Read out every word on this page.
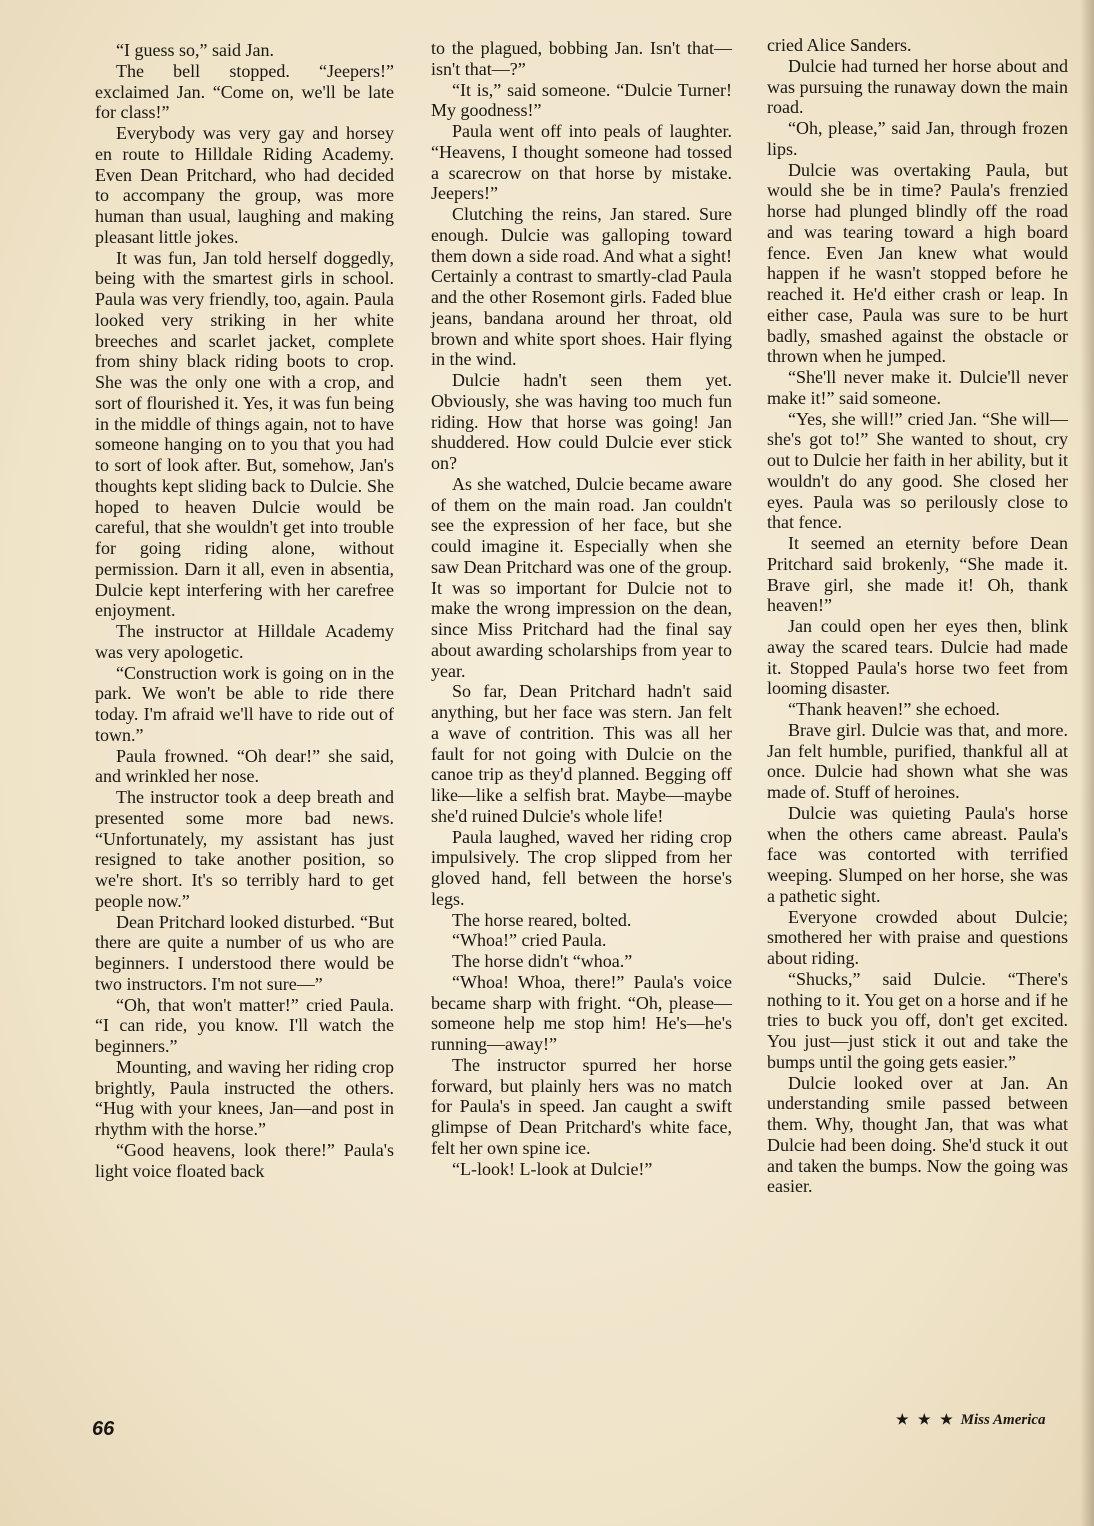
“I guess so,” said Jan.

The bell stopped. “Jeepers!” exclaimed Jan. “Come on, we'll be late for class!”

Everybody was very gay and horsey en route to Hilldale Riding Academy. Even Dean Pritchard, who had decided to accompany the group, was more human than usual, laughing and making pleasant little jokes.

It was fun, Jan told herself doggedly, being with the smartest girls in school. Paula was very friendly, too, again. Paula looked very striking in her white breeches and scarlet jacket, complete from shiny black riding boots to crop. She was the only one with a crop, and sort of flourished it. Yes, it was fun being in the middle of things again, not to have someone hanging on to you that you had to sort of look after. But, somehow, Jan's thoughts kept sliding back to Dulcie. She hoped to heaven Dulcie would be careful, that she wouldn't get into trouble for going riding alone, without permission. Darn it all, even in absentia, Dulcie kept interfering with her carefree enjoyment.

The instructor at Hilldale Academy was very apologetic.

“Construction work is going on in the park. We won't be able to ride there today. I'm afraid we'll have to ride out of town.”

Paula frowned. “Oh dear!” she said, and wrinkled her nose.

The instructor took a deep breath and presented some more bad news. “Unfortunately, my assistant has just resigned to take another position, so we're short. It's so terribly hard to get people now.”

Dean Pritchard looked disturbed. “But there are quite a number of us who are beginners. I understood there would be two instructors. I'm not sure—”

“Oh, that won't matter!” cried Paula. “I can ride, you know. I'll watch the beginners.”

Mounting, and waving her riding crop brightly, Paula instructed the others. “Hug with your knees, Jan—and post in rhythm with the horse.”

“Good heavens, look there!” Paula's light voice floated back

to the plagued, bobbing Jan. Isn't that—isn't that—?”

“It is,” said someone. “Dulcie Turner! My goodness!”

Paula went off into peals of laughter. “Heavens, I thought someone had tossed a scarecrow on that horse by mistake. Jeepers!”

Clutching the reins, Jan stared. Sure enough. Dulcie was galloping toward them down a side road. And what a sight! Certainly a contrast to smartly-clad Paula and the other Rosemont girls. Faded blue jeans, bandana around her throat, old brown and white sport shoes. Hair flying in the wind.

Dulcie hadn't seen them yet. Obviously, she was having too much fun riding. How that horse was going! Jan shuddered. How could Dulcie ever stick on?

As she watched, Dulcie became aware of them on the main road. Jan couldn't see the expression of her face, but she could imagine it. Especially when she saw Dean Pritchard was one of the group. It was so important for Dulcie not to make the wrong impression on the dean, since Miss Pritchard had the final say about awarding scholarships from year to year.

So far, Dean Pritchard hadn't said anything, but her face was stern. Jan felt a wave of contrition. This was all her fault for not going with Dulcie on the canoe trip as they'd planned. Begging off like—like a selfish brat. Maybe—maybe she'd ruined Dulcie's whole life!

Paula laughed, waved her riding crop impulsively. The crop slipped from her gloved hand, fell between the horse's legs.

The horse reared, bolted.

“Whoa!” cried Paula.

The horse didn't “whoa.”

“Whoa! Whoa, there!” Paula's voice became sharp with fright. “Oh, please—someone help me stop him! He's—he's running—away!”

The instructor spurred her horse forward, but plainly hers was no match for Paula's in speed. Jan caught a swift glimpse of Dean Pritchard's white face, felt her own spine ice.

“L-look! L-look at Dulcie!”

cried Alice Sanders.

Dulcie had turned her horse about and was pursuing the runaway down the main road.

“Oh, please,” said Jan, through frozen lips.

Dulcie was overtaking Paula, but would she be in time? Paula's frenzied horse had plunged blindly off the road and was tearing toward a high board fence. Even Jan knew what would happen if he wasn't stopped before he reached it. He'd either crash or leap. In either case, Paula was sure to be hurt badly, smashed against the obstacle or thrown when he jumped.

“She'll never make it. Dulcie'll never make it!” said someone.

“Yes, she will!” cried Jan. “She will—she's got to!” She wanted to shout, cry out to Dulcie her faith in her ability, but it wouldn't do any good. She closed her eyes. Paula was so perilously close to that fence.

It seemed an eternity before Dean Pritchard said brokenly, “She made it. Brave girl, she made it! Oh, thank heaven!”

Jan could open her eyes then, blink away the scared tears. Dulcie had made it. Stopped Paula's horse two feet from looming disaster.

“Thank heaven!” she echoed.

Brave girl. Dulcie was that, and more. Jan felt humble, purified, thankful all at once. Dulcie had shown what she was made of. Stuff of heroines.

Dulcie was quieting Paula's horse when the others came abreast. Paula's face was contorted with terrified weeping. Slumped on her horse, she was a pathetic sight.

Everyone crowded about Dulcie; smothered her with praise and questions about riding.

“Shucks,” said Dulcie. “There's nothing to it. You get on a horse and if he tries to buck you off, don't get excited. You just—just stick it out and take the bumps until the going gets easier.”

Dulcie looked over at Jan. An understanding smile passed between them. Why, thought Jan, that was what Dulcie had been doing. She'd stuck it out and taken the bumps. Now the going was easier.

66	★ ★ ★ Miss America
